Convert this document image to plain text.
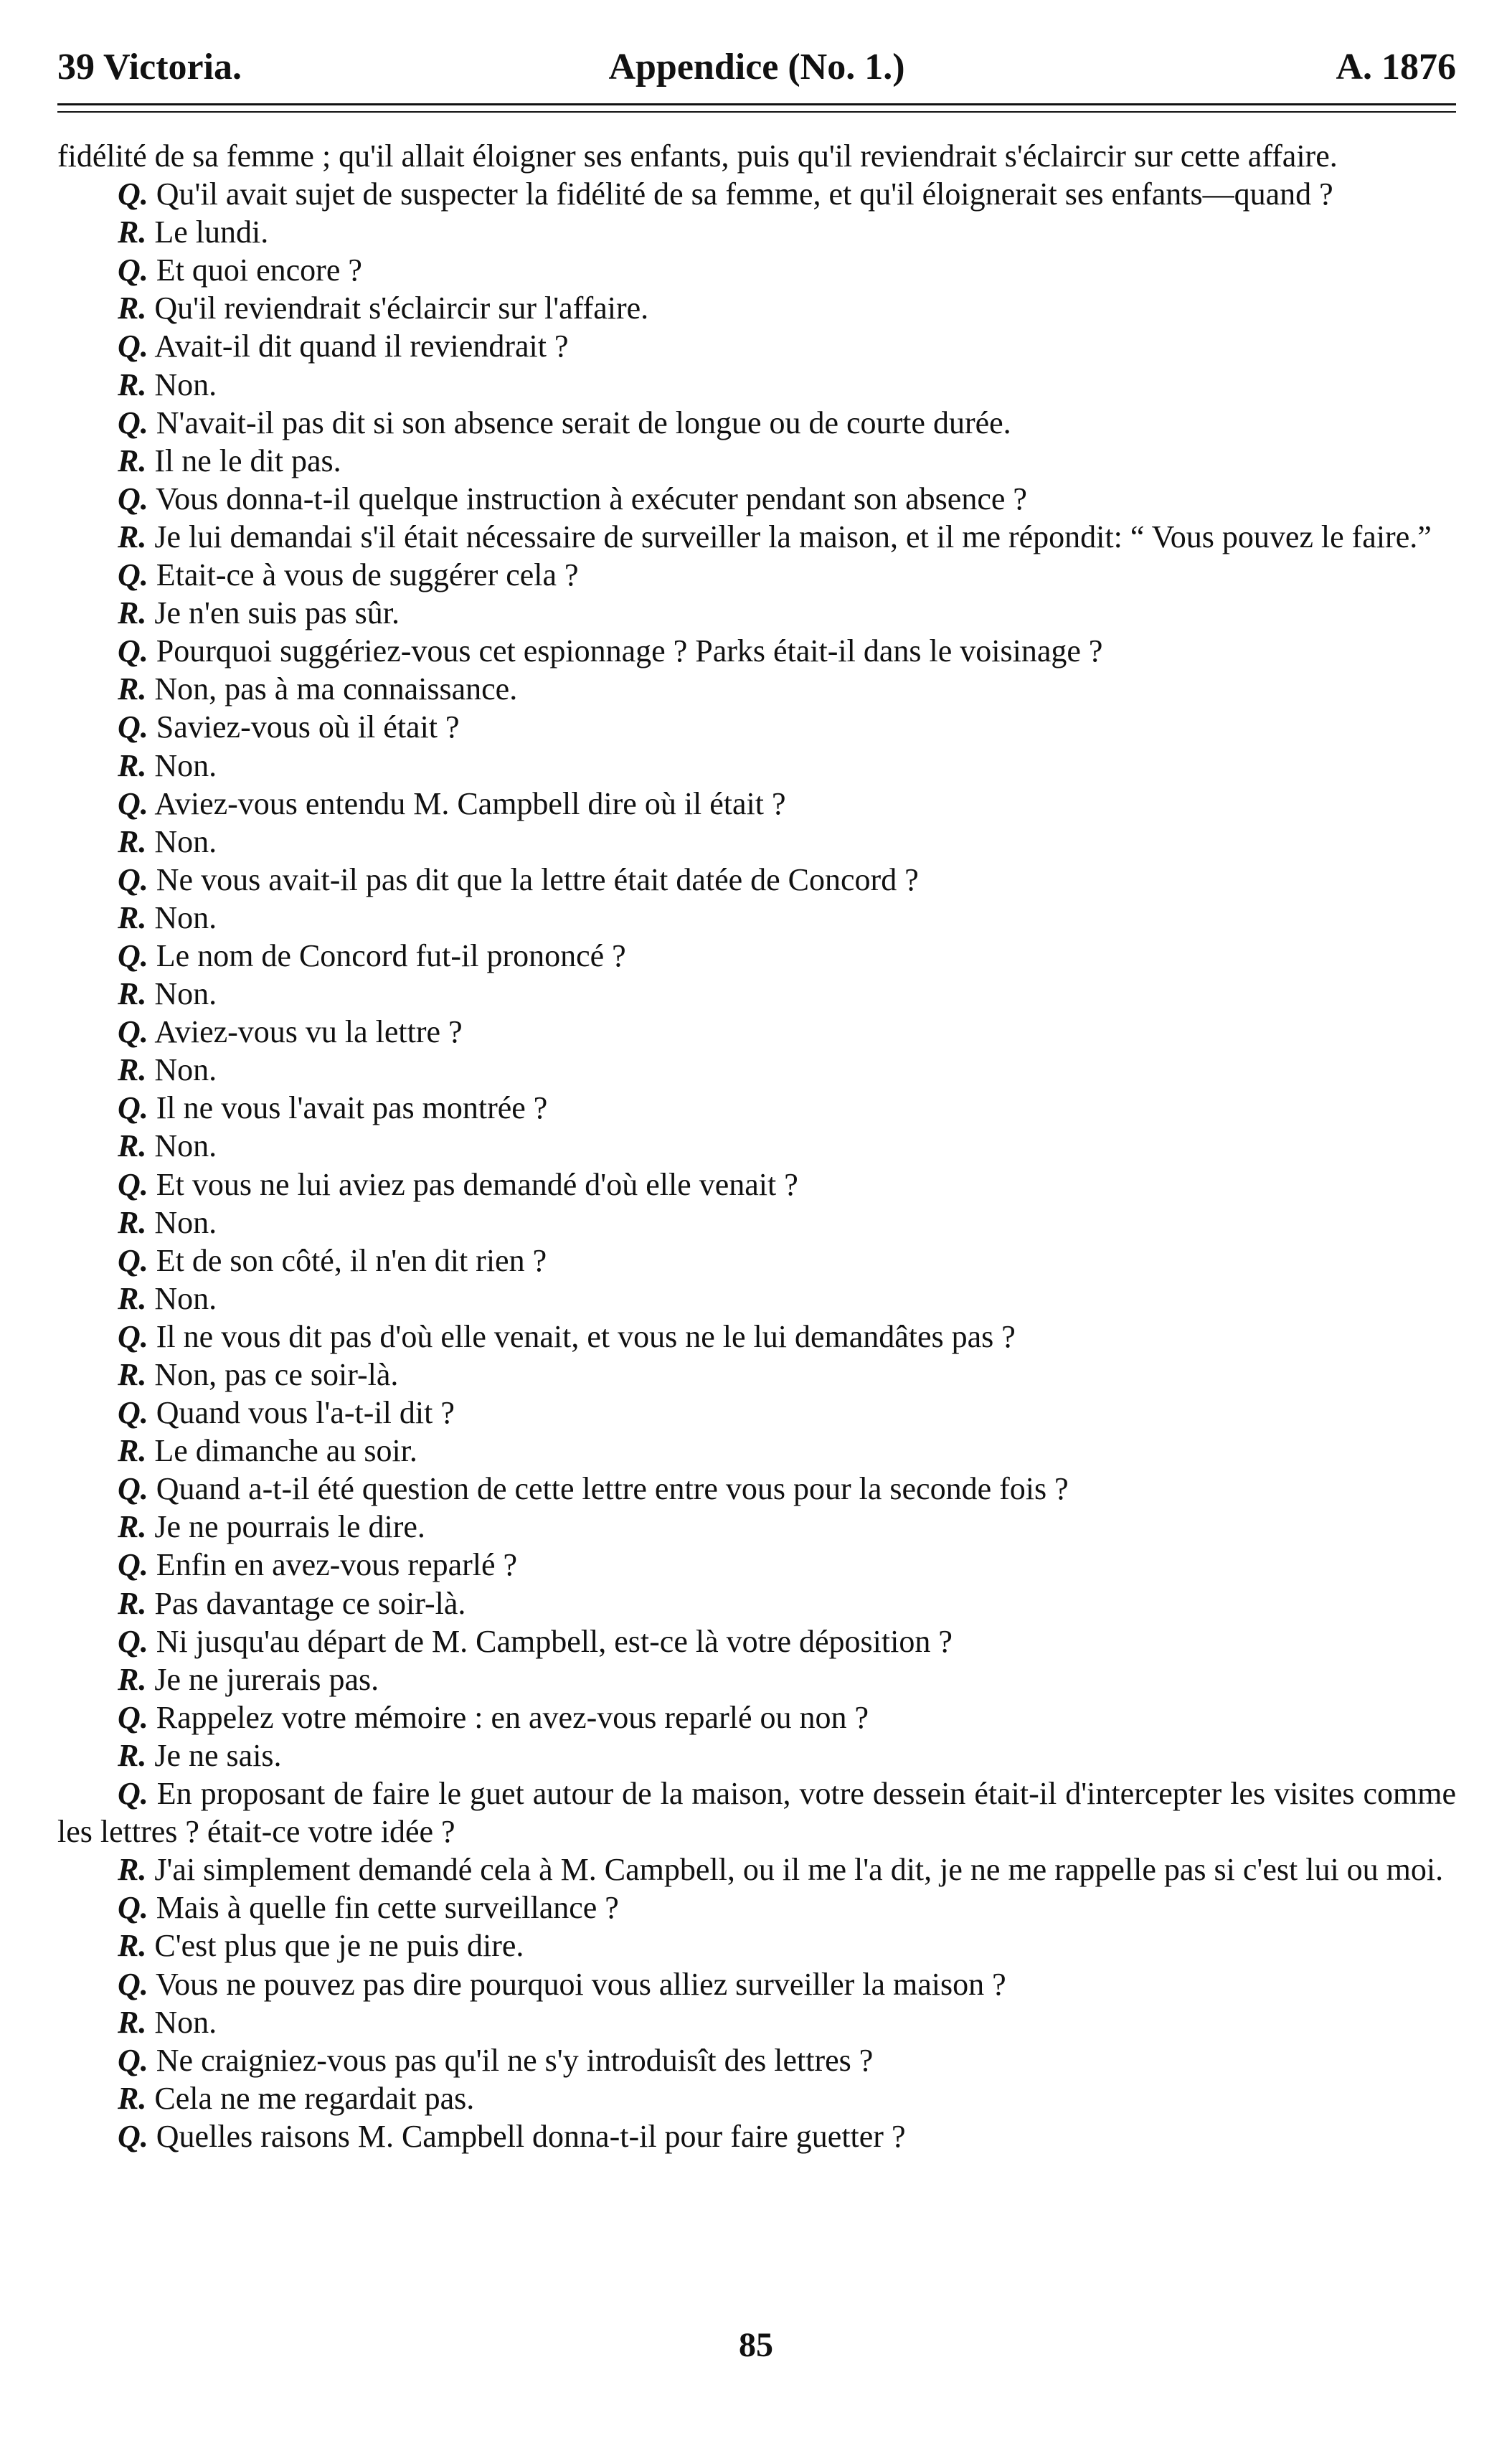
39 Victoria.	Appendice (No. 1.)	A. 1876

fidélité de sa femme ; qu'il allait éloigner ses enfants, puis qu'il reviendrait s'éclaircir sur cette affaire.

Q. Qu'il avait sujet de suspecter la fidélité de sa femme, et qu'il éloignerait ses enfants—quand ?

R. Le lundi.

Q. Et quoi encore ?

R. Qu'il reviendrait s'éclaircir sur l'affaire.

Q. Avait-il dit quand il reviendrait ?

R. Non.

Q. N'avait-il pas dit si son absence serait de longue ou de courte durée.

R. Il ne le dit pas.

Q. Vous donna-t-il quelque instruction à exécuter pendant son absence ?

R. Je lui demandai s'il était nécessaire de surveiller la maison, et il me répondit: “ Vous pouvez le faire.”

Q. Etait-ce à vous de suggérer cela ?

R. Je n'en suis pas sûr.

Q. Pourquoi suggériez-vous cet espionnage ? Parks était-il dans le voisinage ?

R. Non, pas à ma connaissance.

Q. Saviez-vous où il était ?

R. Non.

Q. Aviez-vous entendu M. Campbell dire où il était ?

R. Non.

Q. Ne vous avait-il pas dit que la lettre était datée de Concord ?

R. Non.

Q. Le nom de Concord fut-il prononcé ?

R. Non.

Q. Aviez-vous vu la lettre ?

R. Non.

Q. Il ne vous l'avait pas montrée ?

R. Non.

Q. Et vous ne lui aviez pas demandé d'où elle venait ?

R. Non.

Q. Et de son côté, il n'en dit rien ?

R. Non.

Q. Il ne vous dit pas d'où elle venait, et vous ne le lui demandâtes pas ?

R. Non, pas ce soir-là.

Q. Quand vous l'a-t-il dit ?

R. Le dimanche au soir.

Q. Quand a-t-il été question de cette lettre entre vous pour la seconde fois ?

R. Je ne pourrais le dire.

Q. Enfin en avez-vous reparlé ?

R. Pas davantage ce soir-là.

Q. Ni jusqu'au départ de M. Campbell, est-ce là votre déposition ?

R. Je ne jurerais pas.

Q. Rappelez votre mémoire : en avez-vous reparlé ou non ?

R. Je ne sais.

Q. En proposant de faire le guet autour de la maison, votre dessein était-il d'intercepter les visites comme les lettres ? était-ce votre idée ?

R. J'ai simplement demandé cela à M. Campbell, ou il me l'a dit, je ne me rappelle pas si c'est lui ou moi.

Q. Mais à quelle fin cette surveillance ?

R. C'est plus que je ne puis dire.

Q. Vous ne pouvez pas dire pourquoi vous alliez surveiller la maison ?

R. Non.

Q. Ne craigniez-vous pas qu'il ne s'y introduisît des lettres ?

R. Cela ne me regardait pas.

Q. Quelles raisons M. Campbell donna-t-il pour faire guetter ?

85
